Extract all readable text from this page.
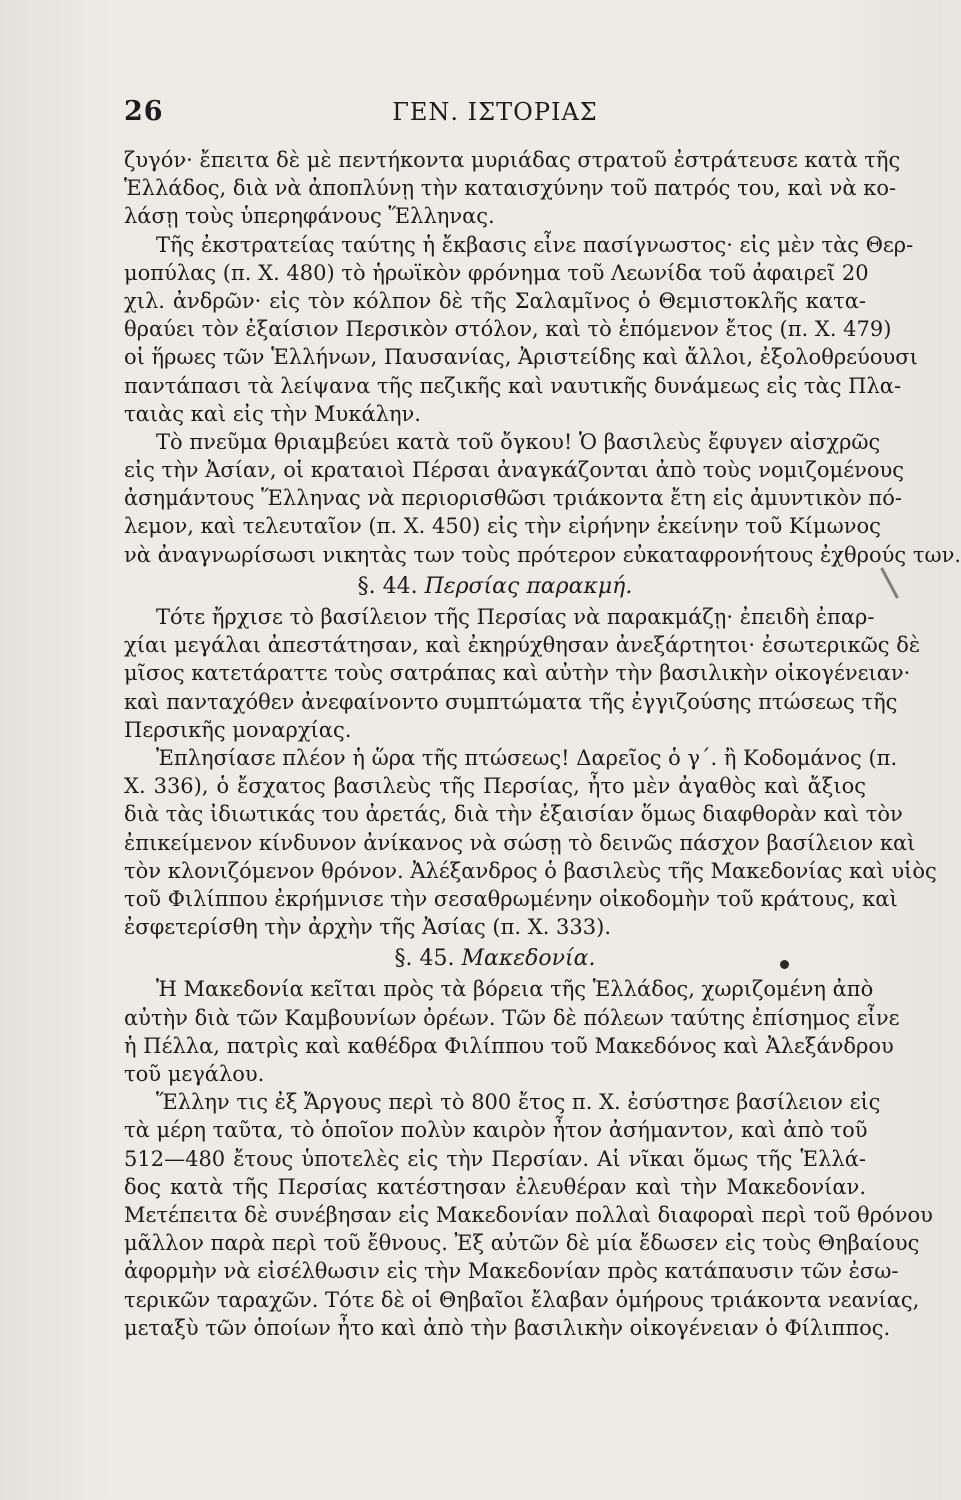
26	ΓΕΝ. ΙΣΤΟΡΙΑΣ
ζυγόν· ἔπειτα δὲ μὲ πεντήκοντα μυριάδας στρατοῦ ἐστράτευσε κατὰ τῆς
Ἑλλάδος, διὰ νὰ ἀποπλύνῃ τὴν καταισχύνην τοῦ πατρός του, καὶ νὰ κο-
λάσῃ τοὺς ὑπερηφάνους Ἕλληνας.
Τῆς ἐκστρατείας ταύτης ἡ ἔκβασις εἶνε πασίγνωστος· εἰς μὲν τὰς Θερ-
μοπύλας (π. Χ. 480) τὸ ἡρωϊκὸν φρόνημα τοῦ Λεωνίδα τοῦ ἀφαιρεῖ 20
χιλ. ἀνδρῶν· εἰς τὸν κόλπον δὲ τῆς Σαλαμῖνος ὁ Θεμιστοκλῆς κατα-
θραύει τὸν ἐξαίσιον Περσικὸν στόλον, καὶ τὸ ἑπόμενον ἔτος (π. Χ. 479)
οἱ ἥρωες τῶν Ἑλλήνων, Παυσανίας, Ἀριστείδης καὶ ἄλλοι, ἐξολοθρεύουσι
παντάπασι τὰ λείψανα τῆς πεζικῆς καὶ ναυτικῆς δυνάμεως εἰς τὰς Πλα-
ταιὰς καὶ εἰς τὴν Μυκάλην.
Τὸ πνεῦμα θριαμβεύει κατὰ τοῦ ὄγκου! Ὁ βασιλεὺς ἔφυγεν αἰσχρῶς
εἰς τὴν Ἀσίαν, οἱ κραταιοὶ Πέρσαι ἀναγκάζονται ἀπὸ τοὺς νομιζομένους
ἀσημάντους Ἕλληνας νὰ περιορισθῶσι τριάκοντα ἔτη εἰς ἀμυντικὸν πό-
λεμον, καὶ τελευταῖον (π. Χ. 450) εἰς τὴν εἰρήνην ἐκείνην τοῦ Κίμωνος
νὰ ἀναγνωρίσωσι νικητὰς των τοὺς πρότερον εὐκαταφρονήτους ἐχθρούς των.
§. 44. Περσίας παρακμή.
Τότε ἤρχισε τὸ βασίλειον τῆς Περσίας νὰ παρακμάζῃ· ἐπειδὴ ἐπαρ-
χίαι μεγάλαι ἀπεστάτησαν, καὶ ἐκηρύχθησαν ἀνεξάρτητοι· ἐσωτερικῶς δὲ
μῖσος κατετάραττε τοὺς σατράπας καὶ αὐτὴν τὴν βασιλικὴν οἰκογένειαν·
καὶ πανταχόθεν ἀνεφαίνοντο συμπτώματα τῆς ἐγγιζούσης πτώσεως τῆς
Περσικῆς μοναρχίας.
Ἐπλησίασε πλέον ἡ ὥρα τῆς πτώσεως! Δαρεῖος ὁ γ΄. ἢ Κοδομάνος (π.
Χ. 336), ὁ ἔσχατος βασιλεὺς τῆς Περσίας, ἦτο μὲν ἀγαθὸς καὶ ἄξιος
διὰ τὰς ἰδιωτικάς του ἀρετάς, διὰ τὴν ἐξαισίαν ὅμως διαφθορὰν καὶ τὸν
ἐπικείμενον κίνδυνον ἀνίκανος νὰ σώσῃ τὸ δεινῶς πάσχον βασίλειον καὶ
τὸν κλονιζόμενον θρόνον. Ἀλέξανδρος ὁ βασιλεὺς τῆς Μακεδονίας καὶ υἱὸς
τοῦ Φιλίππου ἐκρήμνισε τὴν σεσαθρωμένην οἰκοδομὴν τοῦ κράτους, καὶ
ἐσφετερίσθη τὴν ἀρχὴν τῆς Ἀσίας (π. Χ. 333).
§. 45. Μακεδονία.
Ἡ Μακεδονία κεῖται πρὸς τὰ βόρεια τῆς Ἑλλάδος, χωριζομένη ἀπὸ
αὐτὴν διὰ τῶν Καμβουνίων ὀρέων. Τῶν δὲ πόλεων ταύτης ἐπίσημος εἶνε
ἡ Πέλλα, πατρὶς καὶ καθέδρα Φιλίππου τοῦ Μακεδόνος καὶ Ἀλεξάνδρου
τοῦ μεγάλου.
Ἕλλην τις ἐξ Ἄργους περὶ τὸ 800 ἔτος π. Χ. ἐσύστησε βασίλειον εἰς
τὰ μέρη ταῦτα, τὸ ὁποῖον πολὺν καιρὸν ἦτον ἀσήμαντον, καὶ ἀπὸ τοῦ
512—480 ἔτους ὑποτελὲς εἰς τὴν Περσίαν. Αἱ νῖκαι ὅμως τῆς Ἑλλά-
δος κατὰ τῆς Περσίας κατέστησαν ἐλευθέραν καὶ τὴν Μακεδονίαν.
Μετέπειτα δὲ συνέβησαν εἰς Μακεδονίαν πολλαὶ διαφοραὶ περὶ τοῦ θρόνου
μᾶλλον παρὰ περὶ τοῦ ἔθνους. Ἐξ αὐτῶν δὲ μία ἔδωσεν εἰς τοὺς Θηβαίους
ἀφορμὴν νὰ εἰσέλθωσιν εἰς τὴν Μακεδονίαν πρὸς κατάπαυσιν τῶν ἐσω-
τερικῶν ταραχῶν. Τότε δὲ οἱ Θηβαῖοι ἔλαβαν ὁμήρους τριάκοντα νεανίας,
μεταξὺ τῶν ὁποίων ἦτο καὶ ἀπὸ τὴν βασιλικὴν οἰκογένειαν ὁ Φίλιππος.
